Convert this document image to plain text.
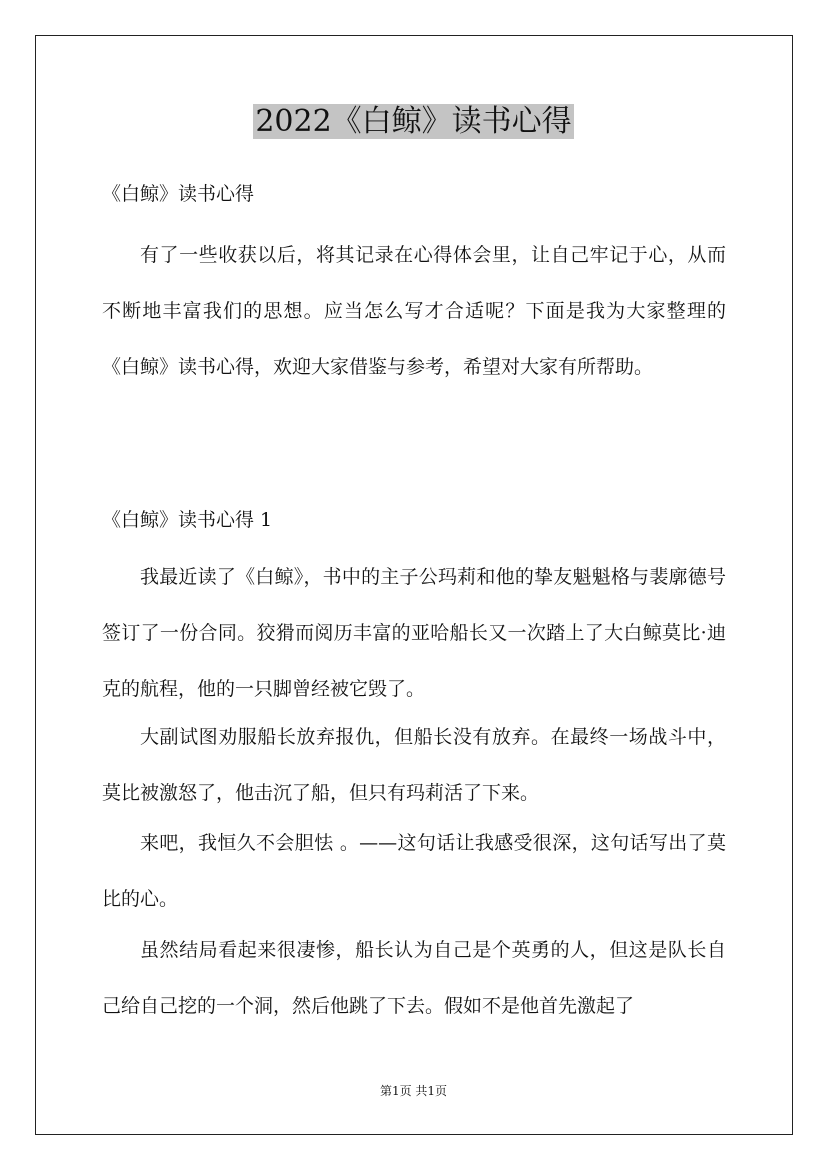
2022《白鲸》读书心得
《白鲸》读书心得

有了一些收获以后，将其记录在心得体会里，让自己牢记于心，从而不断地丰富我们的思想。应当怎么写才合适呢？下面是我为大家整理的《白鲸》读书心得，欢迎大家借鉴与参考，希望对大家有所帮助。

《白鲸》读书心得 1

我最近读了《白鲸》，书中的主子公玛莉和他的挚友魁魁格与裴廓德号签订了一份合同。狡猾而阅历丰富的亚哈船长又一次踏上了大白鲸莫比·迪克的航程，他的一只脚曾经被它毁了。

大副试图劝服船长放弃报仇，但船长没有放弃。在最终一场战斗中，莫比被激怒了，他击沉了船，但只有玛莉活了下来。

来吧，我恒久不会胆怯 。——这句话让我感受很深，这句话写出了莫比的心。

虽然结局看起来很凄惨，船长认为自己是个英勇的人，但这是队长自己给自己挖的一个洞，然后他跳了下去。假如不是他首先激起了

第1页 共1页
